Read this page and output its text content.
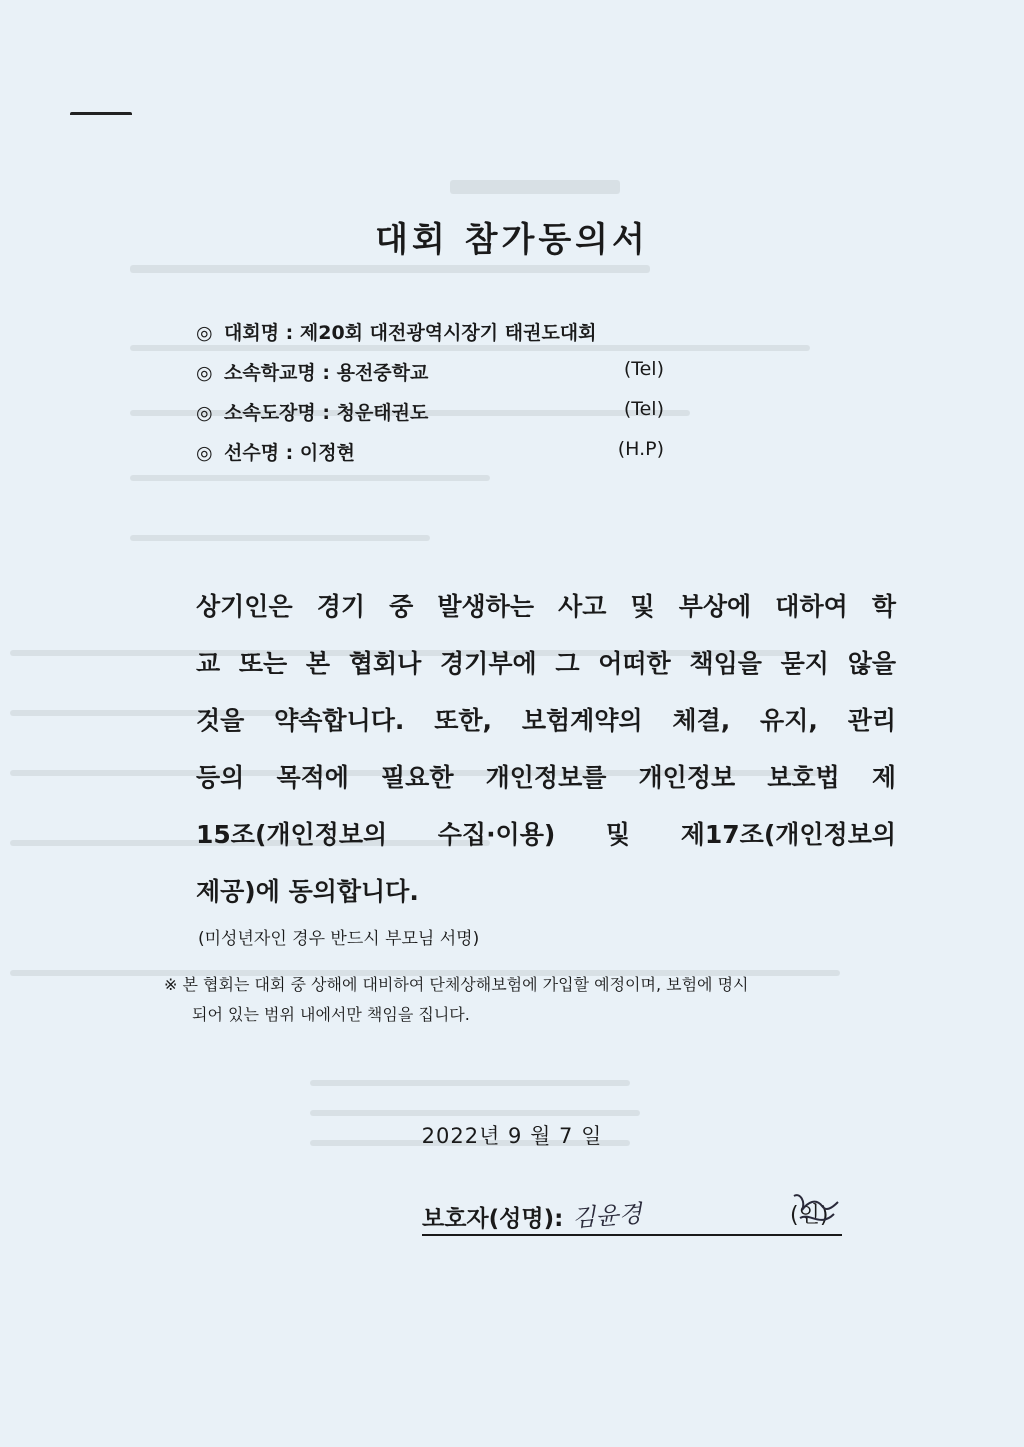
대회 참가동의서
◎ 대회명 : 제20회 대전광역시장기 태권도대회
◎ 소속학교명 : 용전중학교	(Tel)
◎ 소속도장명 : 청운태권도	(Tel)
◎ 선수명 : 이정현	(H.P)
상기인은 경기 중 발생하는 사고 및 부상에 대하여 학
교 또는 본 협회나 경기부에 그 어떠한 책임을 묻지 않을
것을 약속합니다. 또한, 보험계약의 체결, 유지, 관리
등의 목적에 필요한 개인정보를 개인정보 보호법 제
15조(개인정보의 수집·이용) 및 제17조(개인정보의
제공)에 동의합니다.
(미성년자인 경우 반드시 부모님 서명)
※ 본 협회는 대회 중 상해에 대비하여 단체상해보험에 가입할 예정이며, 보험에 명시
되어 있는 범위 내에서만 책임을 집니다.
2022년 9 월 7 일
보호자(성명): 김윤경	(인)
